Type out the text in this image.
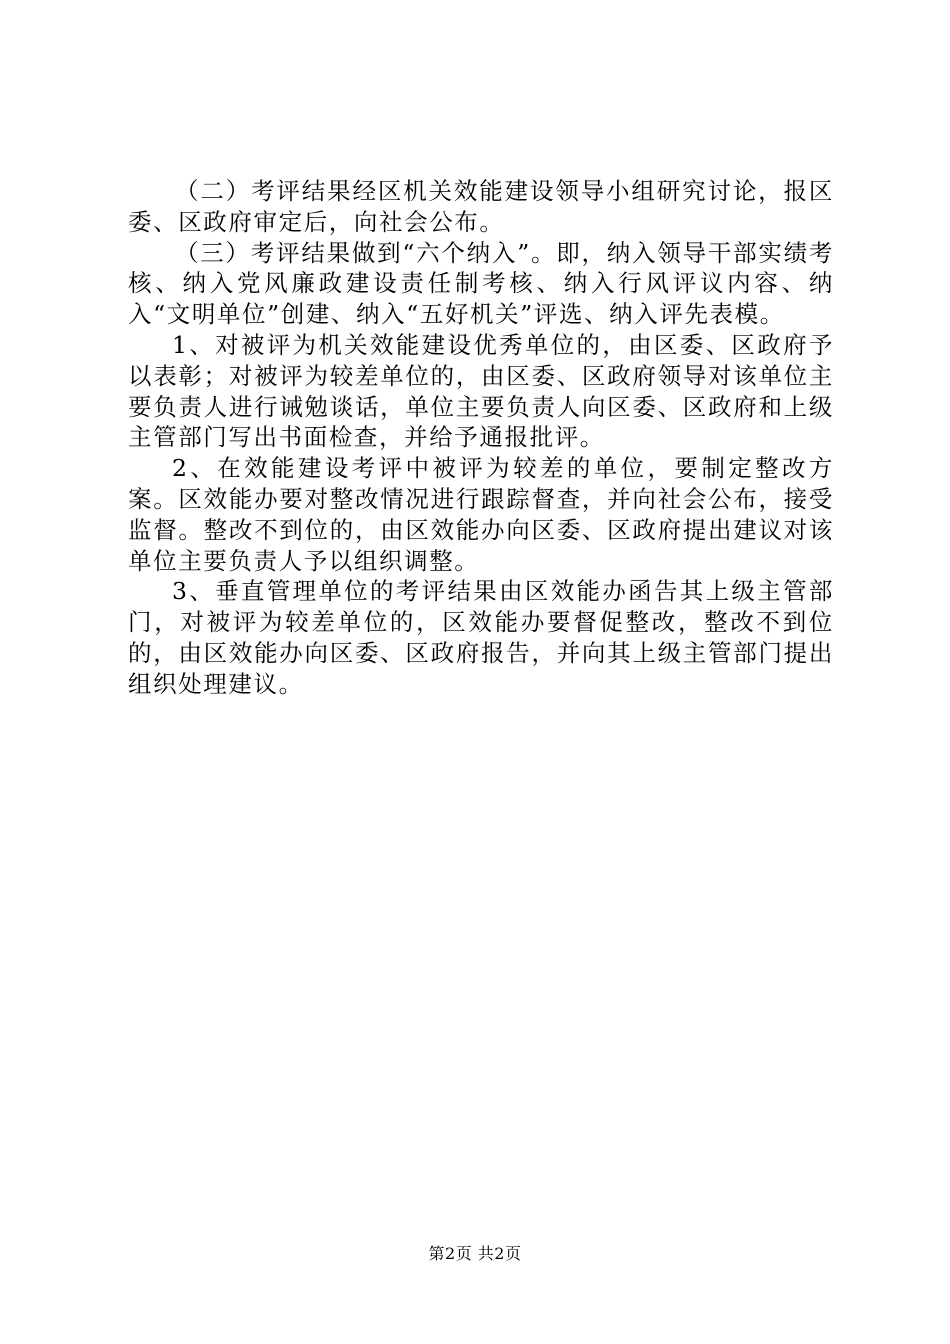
（二）考评结果经区机关效能建设领导小组研究讨论，报区委、区政府审定后，向社会公布。

（三）考评结果做到“六个纳入”。即，纳入领导干部实绩考核、纳入党风廉政建设责任制考核、纳入行风评议内容、纳入“文明单位”创建、纳入“五好机关”评选、纳入评先表模。

1、对被评为机关效能建设优秀单位的，由区委、区政府予以表彰；对被评为较差单位的，由区委、区政府领导对该单位主要负责人进行诫勉谈话，单位主要负责人向区委、区政府和上级主管部门写出书面检查，并给予通报批评。

2、在效能建设考评中被评为较差的单位，要制定整改方案。区效能办要对整改情况进行跟踪督查，并向社会公布，接受监督。整改不到位的，由区效能办向区委、区政府提出建议对该单位主要负责人予以组织调整。

3、垂直管理单位的考评结果由区效能办函告其上级主管部门，对被评为较差单位的，区效能办要督促整改，整改不到位的，由区效能办向区委、区政府报告，并向其上级主管部门提出组织处理建议。

第2页 共2页
